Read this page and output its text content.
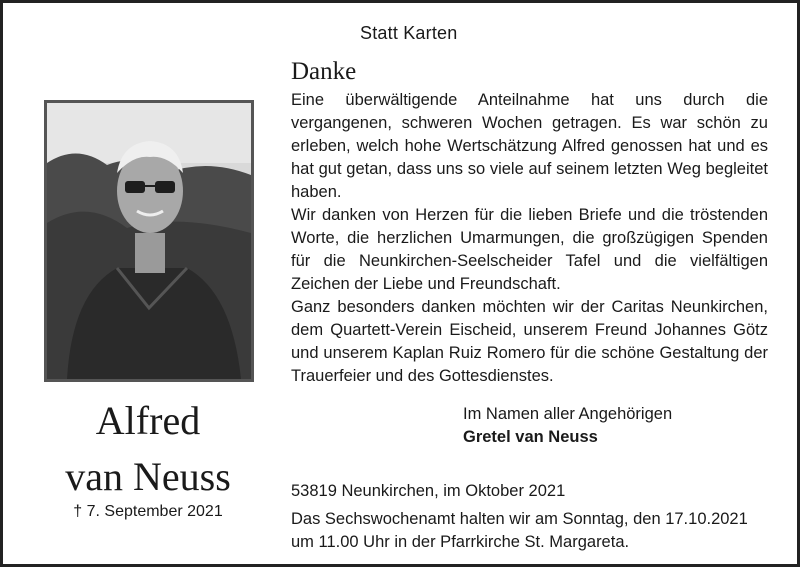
Statt Karten
Alfred
van Neuss
† 7. September 2021
Danke

Eine überwältigende Anteilnahme hat uns durch die vergangenen, schweren Wochen getragen. Es war schön zu erleben, welch hohe Wertschätzung Alfred genossen hat und es hat gut getan, dass uns so viele auf seinem letzten Weg begleitet haben.

Wir danken von Herzen für die lieben Briefe und die tröstenden Worte, die herzlichen Umarmungen, die großzügigen Spenden für die Neunkirchen-Seelscheider Tafel und die vielfältigen Zeichen der Liebe und Freundschaft.

Ganz besonders danken möchten wir der Caritas Neunkirchen, dem Quartett-Verein Eischeid, unserem Freund Johannes Götz und unserem Kaplan Ruiz Romero für die schöne Gestaltung der Trauerfeier und des Gottesdienstes.

Im Namen aller Angehörigen
Gretel van Neuss
53819 Neunkirchen, im Oktober 2021
Das Sechswochenamt halten wir am Sonntag, den 17.10.2021
um 11.00 Uhr in der Pfarrkirche St. Margareta.
